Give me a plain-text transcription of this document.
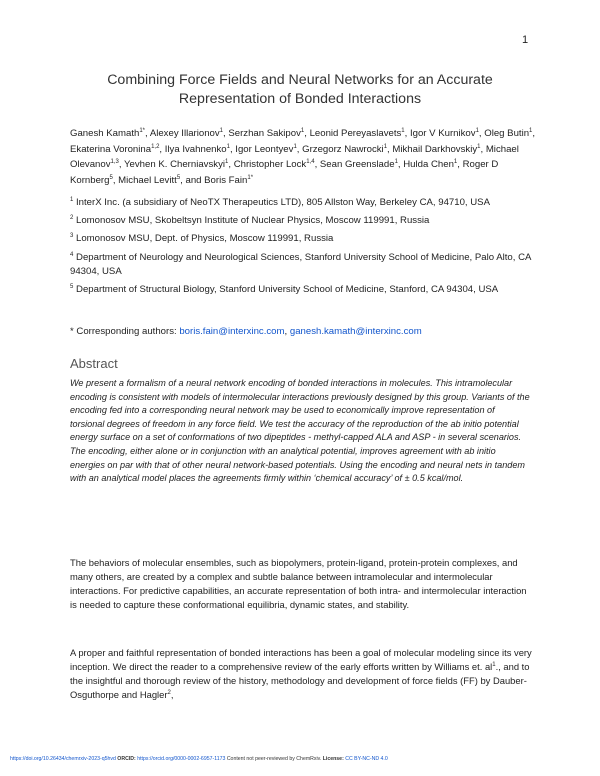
1
Combining Force Fields and Neural Networks for an Accurate
Representation of Bonded Interactions
Ganesh Kamath$^{1*}$, Alexey Illarionov$^1$, Serzhan Sakipov$^1$, Leonid Pereyaslavets$^1$, Igor V Kurnikov$^1$, Oleg Butin$^1$, Ekaterina Voronina$^{1,2}$, Ilya Ivahnenko$^1$, Igor Leontyev$^1$, Grzegorz Nawrocki$^1$, Mikhail Darkhovskiy$^1$, Michael Olevanov$^{1,3}$, Yevhen K. Cherniavskyi$^1$, Christopher Lock$^{1,4}$, Sean Greenslade$^1$, Hulda Chen$^1$, Roger D Kornberg$^5$, Michael Levitt$^5$, and Boris Fain$^{1*}$
$^1$ InterX Inc. (a subsidiary of NeoTX Therapeutics LTD), 805 Allston Way, Berkeley CA, 94710, USA
$^2$ Lomonosov MSU, Skobeltsyn Institute of Nuclear Physics, Moscow 119991, Russia
$^3$ Lomonosov MSU, Dept. of Physics, Moscow 119991, Russia
$^4$ Department of Neurology and Neurological Sciences, Stanford University School of Medicine, Palo Alto, CA 94304, USA
$^5$ Department of Structural Biology, Stanford University School of Medicine, Stanford, CA 94304, USA
* Corresponding authors: boris.fain@interxinc.com, ganesh.kamath@interxinc.com
Abstract
We present a formalism of a neural network encoding of bonded interactions in molecules. This intramolecular encoding is consistent with models of intermolecular interactions previously designed by this group. Variants of the encoding fed into a corresponding neural network may be used to economically improve representation of torsional degrees of freedom in any force field. We test the accuracy of the reproduction of the ab initio potential energy surface on a set of conformations of two dipeptides - methyl-capped ALA and ASP - in several scenarios. The encoding, either alone or in conjunction with an analytical potential, improves agreement with ab initio energies on par with that of other neural network-based potentials. Using the encoding and neural nets in tandem with an analytical model places the agreements firmly within ‘chemical accuracy’ of ± 0.5 kcal/mol.
The behaviors of molecular ensembles, such as biopolymers, protein-ligand, protein-protein complexes, and many others, are created by a complex and subtle balance between intramolecular and intermolecular interactions. For predictive capabilities, an accurate representation of both intra- and intermolecular interaction is needed to capture these conformational equilibria, dynamic states, and stability.
A proper and faithful representation of bonded interactions has been a goal of molecular modeling since its very inception. We direct the reader to a comprehensive review of the early efforts written by Williams et. $al^1$., and to the insightful and thorough review of the history, methodology and development of force fields (FF) by Dauber-Osguthorpe and Hagler$^2$,
https://doi.org/10.26434/chemrxiv-2023-q5hvd ORCID: https://orcid.org/0000-0002-6957-1173 Content not peer-reviewed by ChemRxiv. License: CC BY-NC-ND 4.0
